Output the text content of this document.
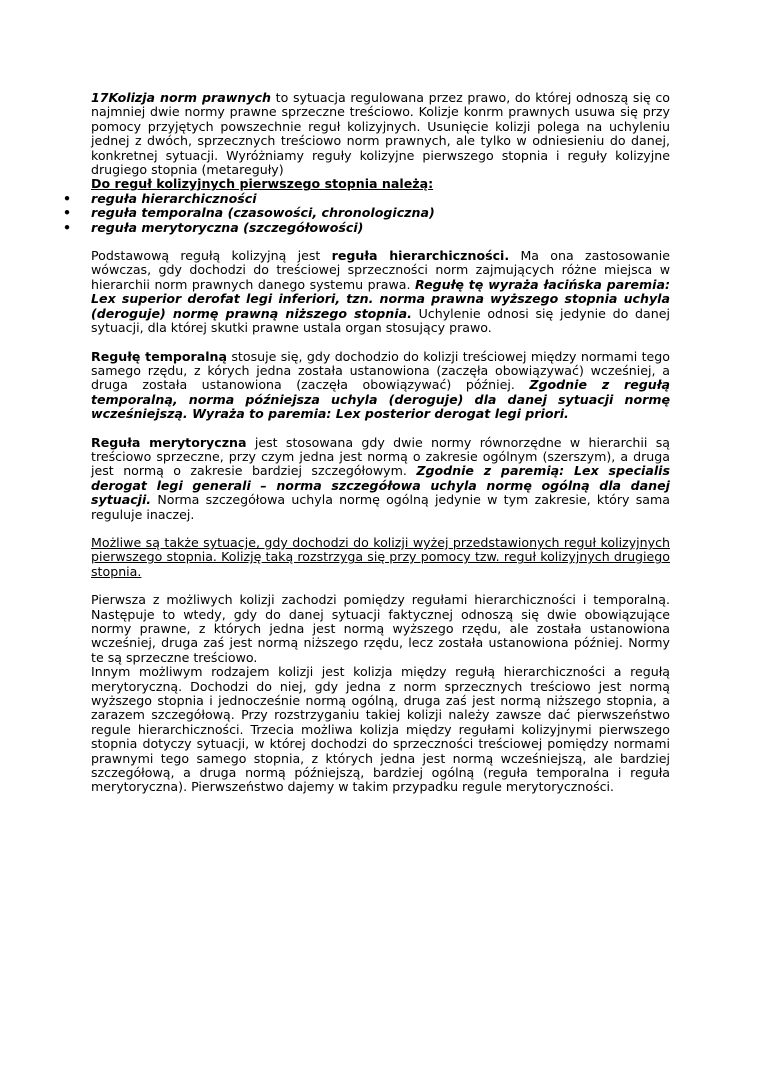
17Kolizja norm prawnych to sytuacja regulowana przez prawo, do której odnoszą się co najmniej dwie normy prawne sprzeczne treściowo. Kolizje konrm prawnych usuwa się przy pomocy przyjętych powszechnie reguł kolizyjnych. Usunięcie kolizji polega na uchyleniu jednej z dwóch, sprzecznych treściowo norm prawnych, ale tylko w odniesieniu do danej, konkretnej sytuacji. Wyróżniamy reguły kolizyjne pierwszego stopnia i reguły kolizyjne drugiego stopnia (metareguły)

Do reguł kolizyjnych pierwszego stopnia należą:

• reguła hierarchiczności
• reguła temporalna (czasowości, chronologiczna)
• reguła merytoryczna (szczegółowości)

Podstawową regułą kolizyjną jest reguła hierarchiczności. Ma ona zastosowanie wówczas, gdy dochodzi do treściowej sprzeczności norm zajmujących różne miejsca w hierarchii norm prawnych danego systemu prawa. Regułę tę wyraża łacińska paremia: Lex superior derofat legi inferiori, tzn. norma prawna wyższego stopnia uchyla (deroguje) normę prawną niższego stopnia. Uchylenie odnosi się jedynie do danej sytuacji, dla której skutki prawne ustala organ stosujący prawo.

Regułę temporalną stosuje się, gdy dochodzio do kolizji treściowej między normami tego samego rzędu, z kórych jedna została ustanowiona (zaczęła obowiązywać) wcześniej, a druga została ustanowiona (zaczęła obowiązywać) później. Zgodnie z regułą temporalną, norma późniejsza uchyla (deroguje) dla danej sytuacji normę wcześniejszą. Wyraża to paremia: Lex posterior derogat legi priori.

Reguła merytoryczna jest stosowana gdy dwie normy równorzędne w hierarchii są treściowo sprzeczne, przy czym jedna jest normą o zakresie ogólnym (szerszym), a druga jest normą o zakresie bardziej szczegółowym. Zgodnie z paremią: Lex specialis derogat legi generali – norma szczegółowa uchyla normę ogólną dla danej sytuacji. Norma szczegółowa uchyla normę ogólną jedynie w tym zakresie, który sama reguluje inaczej.

Możliwe są także sytuacje, gdy dochodzi do kolizji wyżej przedstawionych reguł kolizyjnych pierwszego stopnia. Kolizję taką rozstrzyga się przy pomocy tzw. reguł kolizyjnych drugiego stopnia.

Pierwsza z możliwych kolizji zachodzi pomiędzy regułami hierarchiczności i temporalną. Następuje to wtedy, gdy do danej sytuacji faktycznej odnoszą się dwie obowiązujące normy prawne, z których jedna jest normą wyższego rzędu, ale została ustanowiona wcześniej, druga zaś jest normą niższego rzędu, lecz została ustanowiona później. Normy te są sprzeczne treściowo.

Innym możliwym rodzajem kolizji jest kolizja między regułą hierarchiczności a regułą merytoryczną. Dochodzi do niej, gdy jedna z norm sprzecznych treściowo jest normą wyższego stopnia i jednocześnie normą ogólną, druga zaś jest normą niższego stopnia, a zarazem szczegółową. Przy rozstrzyganiu takiej kolizji należy zawsze dać pierwszeństwo regule hierarchiczności. Trzecia możliwa kolizja między regułami kolizyjnymi pierwszego stopnia dotyczy sytuacji, w której dochodzi do sprzeczności treściowej pomiędzy normami prawnymi tego samego stopnia, z których jedna jest normą wcześniejszą, ale bardziej szczegółową, a druga normą późniejszą, bardziej ogólną (reguła temporalna i reguła merytoryczna). Pierwszeństwo dajemy w takim przypadku regule merytoryczności.
